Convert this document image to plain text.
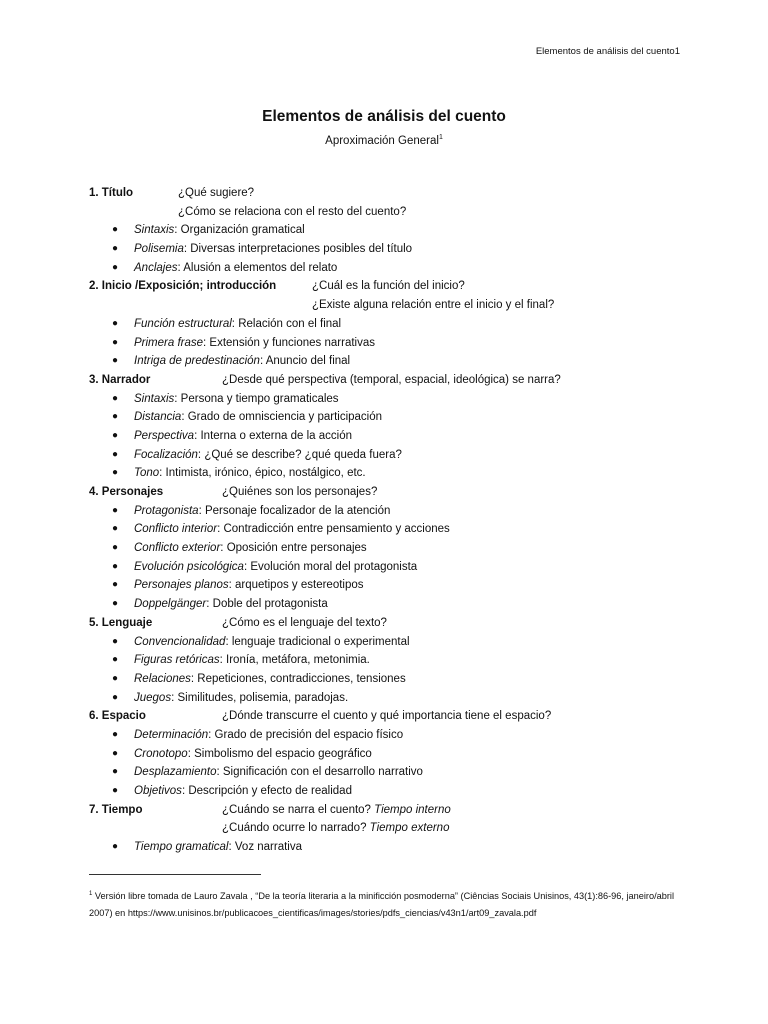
Elementos de análisis del cuento1
Elementos de análisis del cuento
Aproximación General$^1$
1. Título	¿Qué sugiere?
¿Cómo se relaciona con el resto del cuento?
● Sintaxis: Organización gramatical
● Polisemia: Diversas interpretaciones posibles del título
● Anclajes: Alusión a elementos del relato
2. Inicio /Exposición; introducción	¿Cuál es la función del inicio?
¿Existe alguna relación entre el inicio y el final?
● Función estructural: Relación con el final
● Primera frase: Extensión y funciones narrativas
● Intriga de predestinación: Anuncio del final
3. Narrador	¿Desde qué perspectiva (temporal, espacial, ideológica) se narra?
● Sintaxis: Persona y tiempo gramaticales
● Distancia: Grado de omnisciencia y participación
● Perspectiva: Interna o externa de la acción
● Focalización: ¿Qué se describe? ¿qué queda fuera?
● Tono: Intimista, irónico, épico, nostálgico, etc.
4. Personajes	¿Quiénes son los personajes?
● Protagonista: Personaje focalizador de la atención
● Conflicto interior: Contradicción entre pensamiento y acciones
● Conflicto exterior: Oposición entre personajes
● Evolución psicológica: Evolución moral del protagonista
● Personajes planos: arquetipos y estereotipos
● Doppelgänger: Doble del protagonista
5. Lenguaje	¿Cómo es el lenguaje del texto?
● Convencionalidad: lenguaje tradicional o experimental
● Figuras retóricas: Ironía, metáfora, metonimia.
● Relaciones: Repeticiones, contradicciones, tensiones
● Juegos: Similitudes, polisemia, paradojas.
6. Espacio	¿Dónde transcurre el cuento y qué importancia tiene el espacio?
● Determinación: Grado de precisión del espacio físico
● Cronotopo: Simbolismo del espacio geográfico
● Desplazamiento: Significación con el desarrollo narrativo
● Objetivos: Descripción y efecto de realidad
7. Tiempo	¿Cuándo se narra el cuento? Tiempo interno
¿Cuándo ocurre lo narrado? Tiempo externo
● Tiempo gramatical: Voz narrativa
$^1$ Versión libre tomada de Lauro Zavala , “De la teoría literaria a la minificción posmoderna” (Ciências Sociais Unisinos, 43(1):86-96, janeiro/abril
2007) en https://www.unisinos.br/publicacoes_cientificas/images/stories/pdfs_ciencias/v43n1/art09_zavala.pdf
